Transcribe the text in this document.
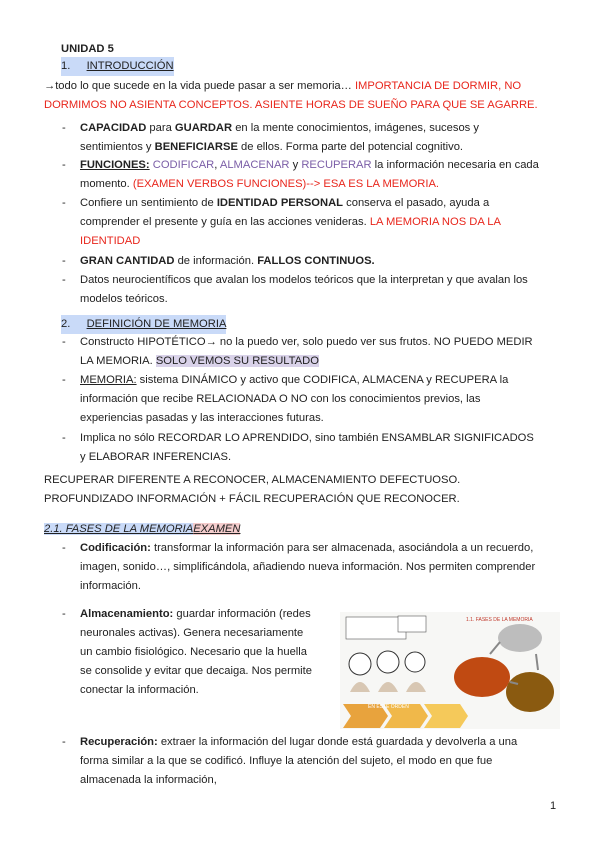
UNIDAD 5
1. INTRODUCCIÓN
→todo lo que sucede en la vida puede pasar a ser memoria… IMPORTANCIA DE DORMIR, NO DORMIMOS NO ASIENTA CONCEPTOS. ASIENTE HORAS DE SUEÑO PARA QUE SE AGARRE.
- CAPACIDAD para GUARDAR en la mente conocimientos, imágenes, sucesos y sentimientos y BENEFICIARSE de ellos. Forma parte del potencial cognitivo.
- FUNCIONES: CODIFICAR, ALMACENAR y RECUPERAR la información necesaria en cada momento. (EXAMEN VERBOS FUNCIONES)--> ESA ES LA MEMORIA.
- Confiere un sentimiento de IDENTIDAD PERSONAL conserva el pasado, ayuda a comprender el presente y guía en las acciones venideras. LA MEMORIA NOS DA LA IDENTIDAD
- GRAN CANTIDAD de información. FALLOS CONTINUOS.
- Datos neurocientíficos que avalan los modelos teóricos que la interpretan y que avalan los modelos teóricos.
2. DEFINICIÓN DE MEMORIA
- Constructo HIPOTÉTICO→ no la puedo ver, solo puedo ver sus frutos. NO PUEDO MEDIR LA MEMORIA. SOLO VEMOS SU RESULTADO
- MEMORIA: sistema DINÁMICO y activo que CODIFICA, ALMACENA y RECUPERA la información que recibe RELACIONADA O NO con los conocimientos previos, las experiencias pasadas y las interacciones futuras.
- Implica no sólo RECORDAR LO APRENDIDO, sino también ENSAMBLAR SIGNIFICADOS y ELABORAR INFERENCIAS.
RECUPERAR DIFERENTE A RECONOCER, ALMACENAMIENTO DEFECTUOSO.
PROFUNDIZADO INFORMACIÓN + FÁCIL RECUPERACIÓN QUE RECONOCER.
2.1. FASES DE LA MEMORIAEXAMEN
- Codificación: transformar la información para ser almacenada, asociándola a un recuerdo, imagen, sonido…, simplificándola, añadiendo nueva información. Nos permiten comprender información.
- Almacenamiento: guardar información (redes neuronales activas). Genera necesariamente un cambio fisiológico. Necesario que la huella se consolide y evitar que decaiga. Nos permite conectar la información.
- Recuperación: extraer la información del lugar donde está guardada y devolverla a una forma similar a la que se codificó. Influye la atención del sujeto, el modo en que fue almacenada la información,
1.1. FASES DE LA MEMORIA
EN ESTE ORDEN
1
